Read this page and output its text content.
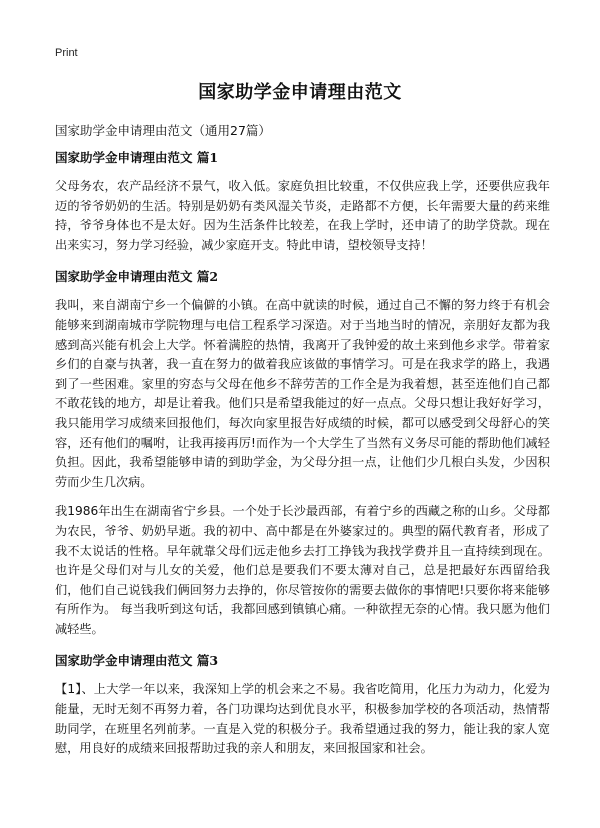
Print
国家助学金申请理由范文
国家助学金申请理由范文（通用27篇）
国家助学金申请理由范文 篇1

父母务农，农产品经济不景气，收入低。家庭负担比较重，不仅供应我上学，还要供应我年迈的爷爷奶奶的生活。特别是奶奶有类风湿关节炎，走路都不方便，长年需要大量的药来维持，爷爷身体也不是太好。因为生活条件比较差，在我上学时，还申请了的助学贷款。现在出来实习，努力学习经验，减少家庭开支。特此申请，望校领导支持！

国家助学金申请理由范文 篇2

我叫，来自湖南宁乡一个偏僻的小镇。在高中就读的时候，通过自己不懈的努力终于有机会能够来到湖南城市学院物理与电信工程系学习深造。对于当地当时的情况，亲朋好友都为我感到高兴能有机会上大学。怀着满腔的热情，我离开了我钟爱的故土来到他乡求学。带着家乡们的自豪与执著，我一直在努力的做着我应该做的事情学习。可是在我求学的路上，我遇到了一些困难。家里的穷态与父母在他乡不辞劳苦的工作全是为我着想，甚至连他们自己都不敢花钱的地方，却是让着我。他们只是希望我能过的好一点点。父母只想让我好好学习，我只能用学习成绩来回报他们，每次向家里报告好成绩的时候，都可以感受到父母舒心的笑容，还有他们的嘱咐，让我再接再厉!而作为一个大学生了当然有义务尽可能的帮助他们减轻负担。因此，我希望能够申请的到助学金，为父母分担一点，让他们少几根白头发，少因积劳而少生几次病。

我1986年出生在湖南省宁乡县。一个处于长沙最西部，有着宁乡的西藏之称的山乡。父母都为农民，爷爷、奶奶早逝。我的初中、高中都是在外婆家过的。典型的隔代教育者，形成了我不太说话的性格。早年就靠父母们远走他乡去打工挣钱为我找学费并且一直持续到现在。也许是父母们对与儿女的关爱，他们总是要我们不要太薄对自己，总是把最好东西留给我们，他们自己说钱我们俩回努力去挣的，你尽管按你的需要去做你的事情吧!只要你将来能够有所作为。 每当我听到这句话，我都回感到镇镇心痛。一种欲捏无奈的心情。我只愿为他们减轻些。

国家助学金申请理由范文 篇3

【1】、上大学一年以来，我深知上学的机会来之不易。我省吃简用，化压力为动力，化爱为能量，无时无刻不再努力着，各门功课均达到优良水平，积极参加学校的各项活动，热情帮助同学，在班里名列前茅。一直是入党的积极分子。我希望通过我的努力，能让我的家人宽慰，用良好的成绩来回报帮助过我的亲人和朋友，来回报国家和社会。
